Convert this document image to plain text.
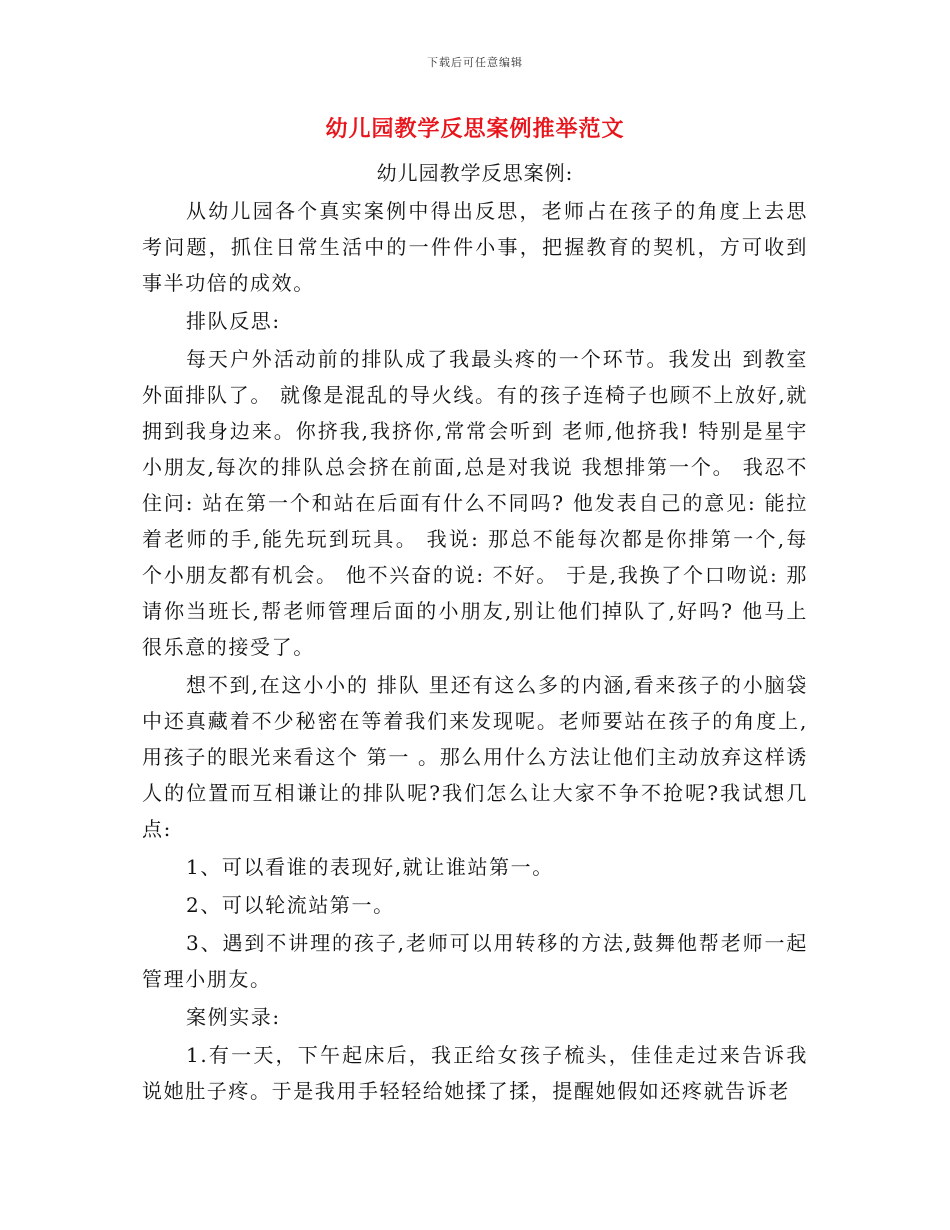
下载后可任意编辑
幼儿园教学反思案例推举范文
幼儿园教学反思案例:

从幼儿园各个真实案例中得出反思，老师占在孩子的角度上去思考问题，抓住日常生活中的一件件小事，把握教育的契机，方可收到事半功倍的成效。

排队反思:

每天户外活动前的排队成了我最头疼的一个环节。我发出 到教室外面排队了。 就像是混乱的导火线。有的孩子连椅子也顾不上放好,就拥到我身边来。你挤我,我挤你,常常会听到 老师,他挤我! 特别是星宇小朋友,每次的排队总会挤在前面,总是对我说 我想排第一个。 我忍不住问: 站在第一个和站在后面有什么不同吗? 他发表自己的意见: 能拉着老师的手,能先玩到玩具。 我说: 那总不能每次都是你排第一个,每个小朋友都有机会。 他不兴奋的说: 不好。 于是,我换了个口吻说: 那请你当班长,帮老师管理后面的小朋友,别让他们掉队了,好吗? 他马上很乐意的接受了。

想不到,在这小小的 排队 里还有这么多的内涵,看来孩子的小脑袋中还真藏着不少秘密在等着我们来发现呢。老师要站在孩子的角度上,用孩子的眼光来看这个 第一 。那么用什么方法让他们主动放弃这样诱人的位置而互相谦让的排队呢?我们怎么让大家不争不抢呢?我试想几点:

1、可以看谁的表现好,就让谁站第一。

2、可以轮流站第一。

3、遇到不讲理的孩子,老师可以用转移的方法,鼓舞他帮老师一起管理小朋友。

案例实录:

1.有一天，下午起床后，我正给女孩子梳头，佳佳走过来告诉我说她肚子疼。于是我用手轻轻给她揉了揉，提醒她假如还疼就告诉老
